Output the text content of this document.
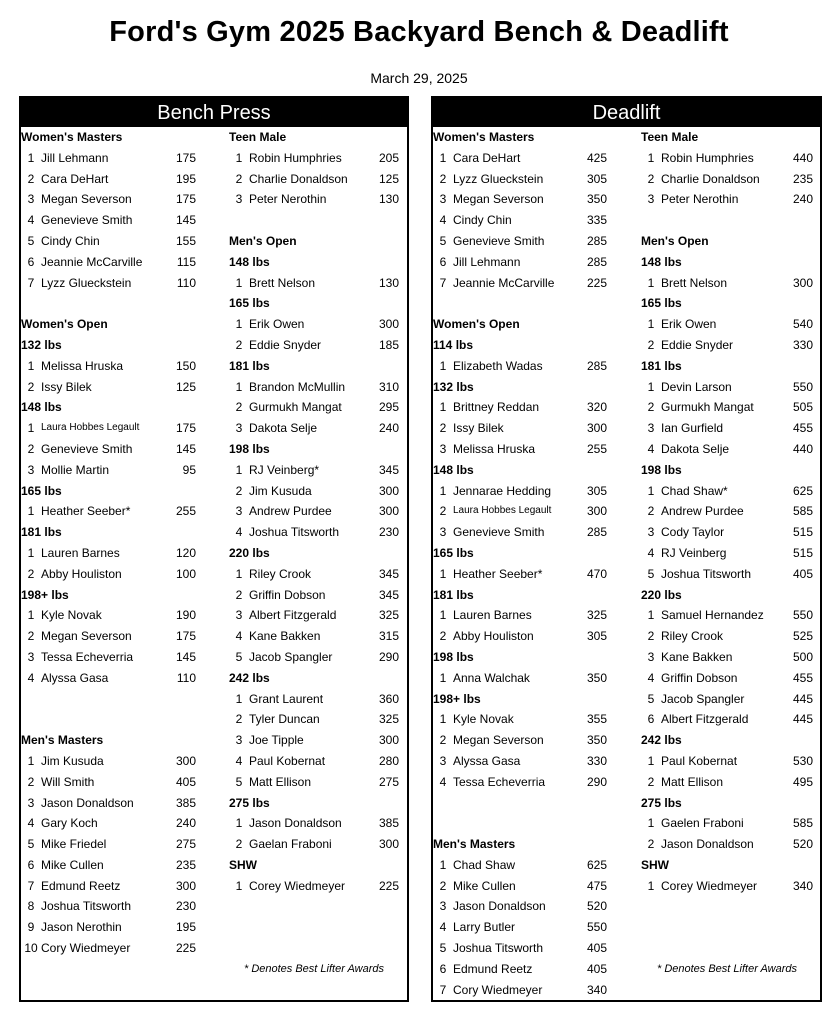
Ford's Gym 2025 Backyard Bench & Deadlift
March 29, 2025
Bench Press
Women's Masters
1 Jill Lehmann	175
2 Cara DeHart	195
3 Megan Severson	175
4 Genevieve Smith	145
5 Cindy Chin	155
6 Jeannie McCarville	115
7 Lyzz Glueckstein	110
Women's Open
132 lbs
1 Melissa Hruska	150
2 Issy Bilek	125
148 lbs
1 Laura Hobbes Legault	175
2 Genevieve Smith	145
3 Mollie Martin	95
165 lbs
1 Heather Seeber*	255
181 lbs
1 Lauren Barnes	120
2 Abby Houliston	100
198+ lbs
1 Kyle Novak	190
2 Megan Severson	175
3 Tessa Echeverria	145
4 Alyssa Gasa	110
Men's Masters
1 Jim Kusuda	300
2 Will Smith	405
3 Jason Donaldson	385
4 Gary Koch	240
5 Mike Friedel	275
6 Mike Cullen	235
7 Edmund Reetz	300
8 Joshua Titsworth	230
9 Jason Nerothin	195
10 Cory Wiedmeyer	225
Teen Male
1 Robin Humphries	205
2 Charlie Donaldson	125
3 Peter Nerothin	130
Men's Open
148 lbs
1 Brett Nelson	130
165 lbs
1 Erik Owen	300
2 Eddie Snyder	185
181 lbs
1 Brandon McMullin	310
2 Gurmukh Mangat	295
3 Dakota Selje	240
198 lbs
1 RJ Veinberg*	345
2 Jim Kusuda	300
3 Andrew Purdee	300
4 Joshua Titsworth	230
220 lbs
1 Riley Crook	345
2 Griffin Dobson	345
3 Albert Fitzgerald	325
4 Kane Bakken	315
5 Jacob Spangler	290
242 lbs
1 Grant Laurent	360
2 Tyler Duncan	325
3 Joe Tipple	300
4 Paul Kobernat	280
5 Matt Ellison	275
275 lbs
1 Jason Donaldson	385
2 Gaelan Fraboni	300
SHW
1 Corey Wiedmeyer	225
* Denotes Best Lifter Awards
Deadlift
Women's Masters
1 Cara DeHart	425
2 Lyzz Glueckstein	305
3 Megan Severson	350
4 Cindy Chin	335
5 Genevieve Smith	285
6 Jill Lehmann	285
7 Jeannie McCarville	225
Women's Open
114 lbs
1 Elizabeth Wadas	285
132 lbs
1 Brittney Reddan	320
2 Issy Bilek	300
3 Melissa Hruska	255
148 lbs
1 Jennarae Hedding	305
2 Laura Hobbes Legault	300
3 Genevieve Smith	285
165 lbs
1 Heather Seeber*	470
181 lbs
1 Lauren Barnes	325
2 Abby Houliston	305
198 lbs
1 Anna Walchak	350
198+ lbs
1 Kyle Novak	355
2 Megan Severson	350
3 Alyssa Gasa	330
4 Tessa Echeverria	290
Men's Masters
1 Chad Shaw	625
2 Mike Cullen	475
3 Jason Donaldson	520
4 Larry Butler	550
5 Joshua Titsworth	405
6 Edmund Reetz	405
7 Cory Wiedmeyer	340
Teen Male
1 Robin Humphries	440
2 Charlie Donaldson	235
3 Peter Nerothin	240
Men's Open
148 lbs
1 Brett Nelson	300
165 lbs
1 Erik Owen	540
2 Eddie Snyder	330
181 lbs
1 Devin Larson	550
2 Gurmukh Mangat	505
3 Ian Gurfield	455
4 Dakota Selje	440
198 lbs
1 Chad Shaw*	625
2 Andrew Purdee	585
3 Cody Taylor	515
4 RJ Veinberg	515
5 Joshua Titsworth	405
220 lbs
1 Samuel Hernandez 550
2 Riley Crook	525
3 Kane Bakken	500
4 Griffin Dobson	455
5 Jacob Spangler	445
6 Albert Fitzgerald	445
242 lbs
1 Paul Kobernat	530
2 Matt Ellison	495
275 lbs
1 Gaelen Fraboni	585
2 Jason Donaldson	520
SHW
1 Corey Wiedmeyer	340
* Denotes Best Lifter Awards
